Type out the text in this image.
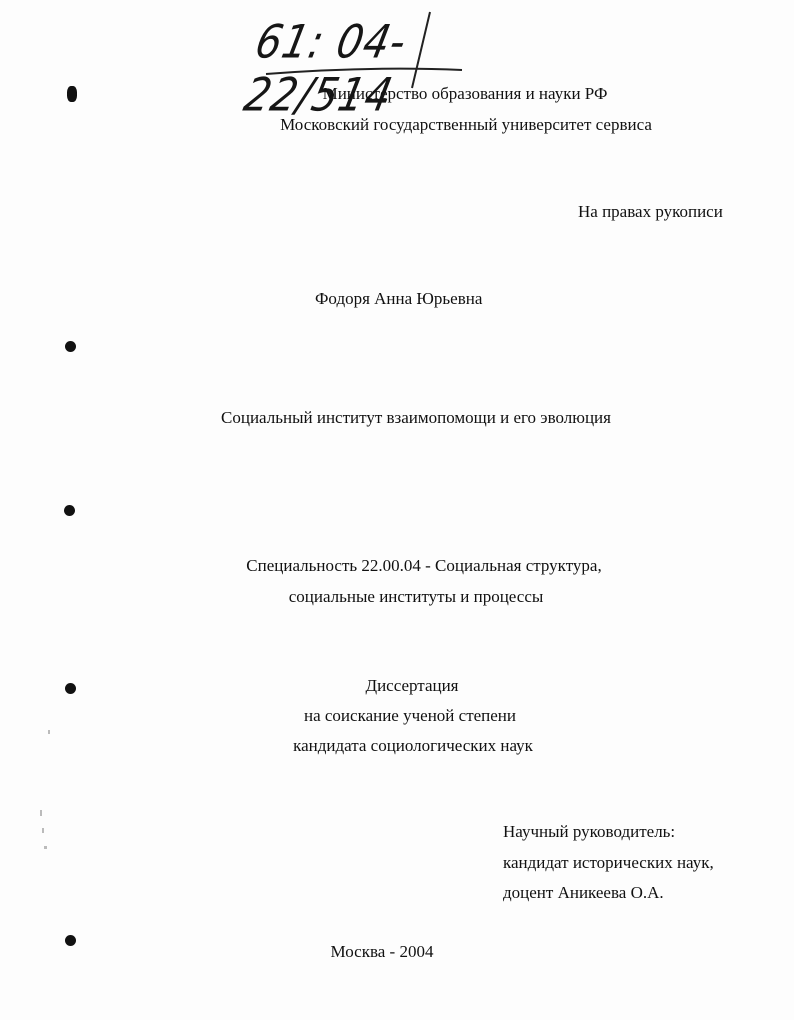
61: 04-22/514
Министерство образования и науки РФ
Московский государственный университет сервиса
На правах рукописи
Фодоря Анна Юрьевна
Социальный институт взаимопомощи и его эволюция
Специальность 22.00.04 - Социальная структура,
социальные институты и процессы
Диссертация
на соискание ученой степени
кандидата социологических наук
Научный руководитель:
кандидат исторических наук,
доцент Аникеева О.А.
Москва - 2004
